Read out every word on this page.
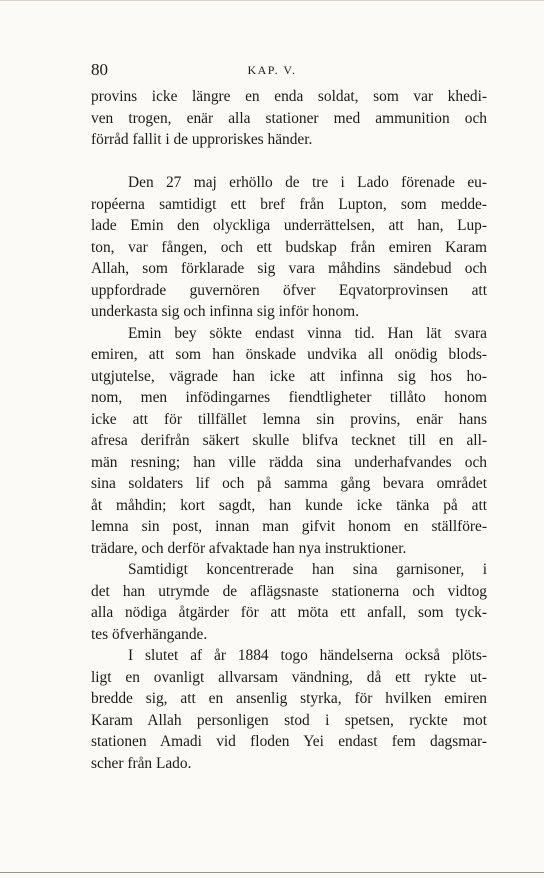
80	KAP. V.
provins icke längre en enda soldat, som var khedi-
ven trogen, enär alla stationer med ammunition och
förråd fallit i de upproriskes händer.
Den 27 maj erhöllo de tre i Lado förenade eu-
ropéerna samtidigt ett bref från Lupton, som medde-
lade Emin den olyckliga underrättelsen, att han, Lup-
ton, var fången, och ett budskap från emiren Karam
Allah, som förklarade sig vara måhdins sändebud och
uppfordrade guvernören öfver Eqvatorprovinsen att
underkasta sig och infinna sig inför honom.
Emin bey sökte endast vinna tid. Han lät svara
emiren, att som han önskade undvika all onödig blods-
utgjutelse, vägrade han icke att infinna sig hos ho-
nom, men infödingarnes fiendtligheter tillåto honom
icke att för tillfället lemna sin provins, enär hans
afresa derifrån säkert skulle blifva tecknet till en all-
män resning; han ville rädda sina underhafvandes och
sina soldaters lif och på samma gång bevara området
åt måhdin; kort sagdt, han kunde icke tänka på att
lemna sin post, innan man gifvit honom en ställföre-
trädare, och derför afvaktade han nya instruktioner.
Samtidigt koncentrerade han sina garnisoner, i
det han utrymde de aflägsnaste stationerna och vidtog
alla nödiga åtgärder för att möta ett anfall, som tyck-
tes öfverhängande.
I slutet af år 1884 togo händelserna också plöts-
ligt en ovanligt allvarsam vändning, då ett rykte ut-
bredde sig, att en ansenlig styrka, för hvilken emiren
Karam Allah personligen stod i spetsen, ryckte mot
stationen Amadi vid floden Yei endast fem dagsmar-
scher från Lado.
